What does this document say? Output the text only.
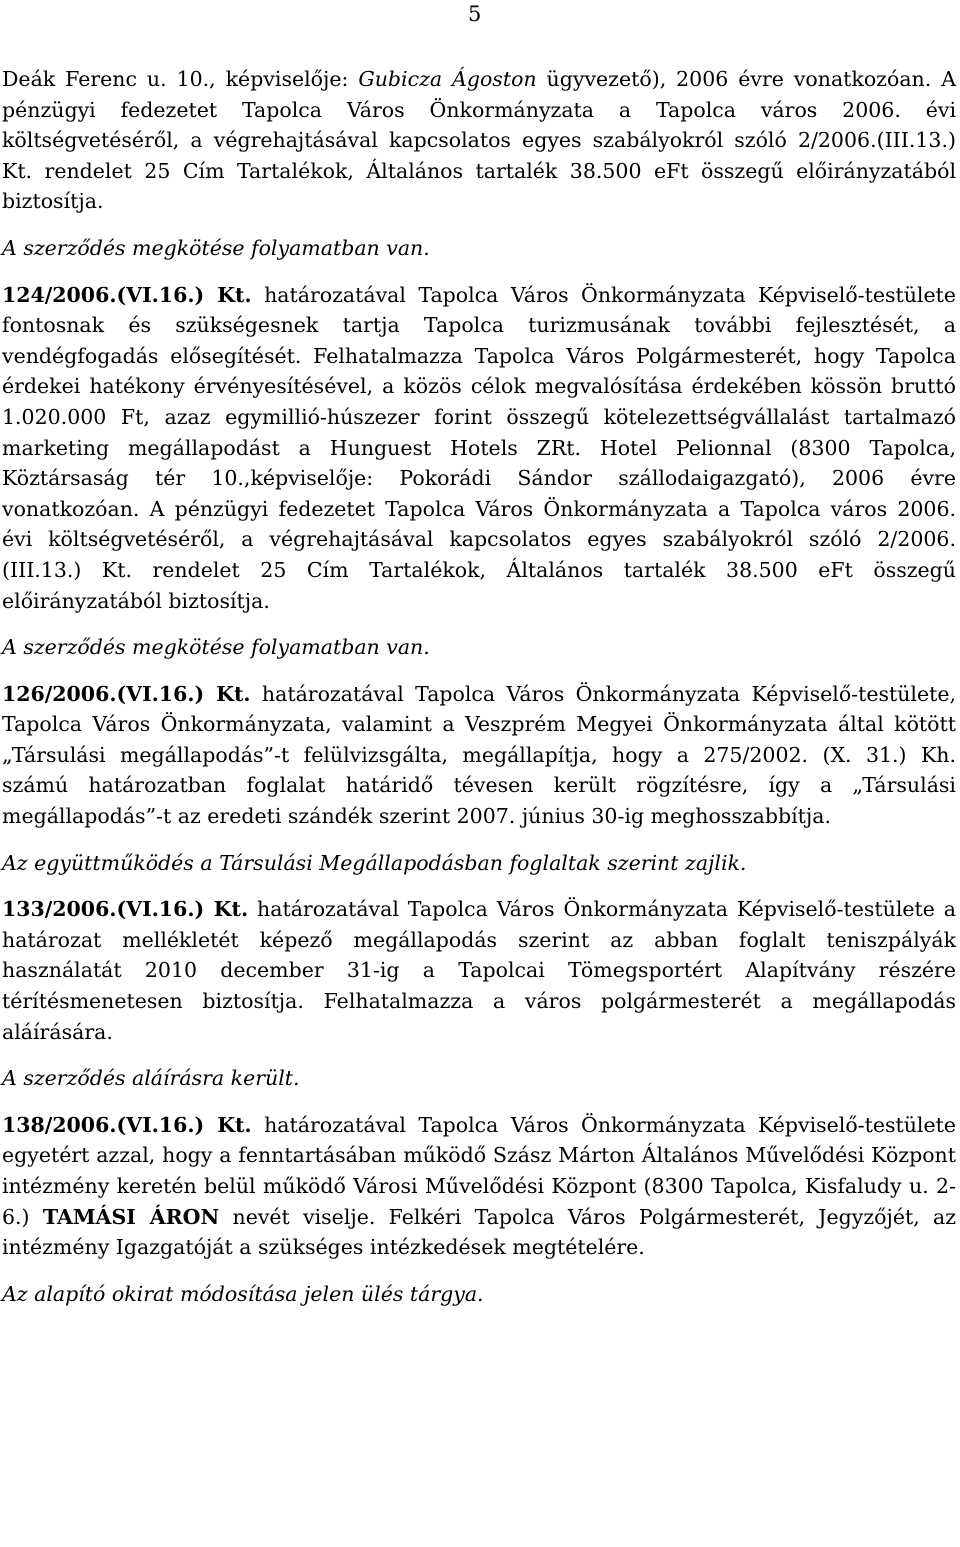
5

Deák Ferenc u. 10., képviselője: Gubicza Ágoston ügyvezető), 2006 évre vonatkozóan. A pénzügyi fedezetet Tapolca Város Önkormányzata a Tapolca város 2006. évi költségvetéséről, a végrehajtásával kapcsolatos egyes szabályokról szóló 2/2006.(III.13.) Kt. rendelet 25 Cím Tartalékok, Általános tartalék 38.500 eFt összegű előirányzatából biztosítja.

A szerződés megkötése folyamatban van.

124/2006.(VI.16.) Kt. határozatával Tapolca Város Önkormányzata Képviselő-testülete fontosnak és szükségesnek tartja Tapolca turizmusának további fejlesztését, a vendégfogadás elősegítését. Felhatalmazza Tapolca Város Polgármesterét, hogy Tapolca érdekei hatékony érvényesítésével, a közös célok megvalósítása érdekében kössön bruttó 1.020.000 Ft, azaz egymillió-húszezer forint összegű kötelezettségvállalást tartalmazó marketing megállapodást a Hunguest Hotels ZRt. Hotel Pelionnal (8300 Tapolca, Köztársaság tér 10.,képviselője: Pokorádi Sándor szállodaigazgató), 2006 évre vonatkozóan. A pénzügyi fedezetet Tapolca Város Önkormányzata a Tapolca város 2006. évi költségvetéséről, a végrehajtásával kapcsolatos egyes szabályokról szóló 2/2006.(III.13.) Kt. rendelet 25 Cím Tartalékok, Általános tartalék 38.500 eFt összegű előirányzatából biztosítja.

A szerződés megkötése folyamatban van.

126/2006.(VI.16.) Kt. határozatával Tapolca Város Önkormányzata Képviselő-testülete, Tapolca Város Önkormányzata, valamint a Veszprém Megyei Önkormányzata által kötött „Társulási megállapodás”-t felülvizsgálta, megállapítja, hogy a 275/2002. (X. 31.) Kh. számú határozatban foglalat határidő tévesen került rögzítésre, így a „Társulási megállapodás”-t az eredeti szándék szerint 2007. június 30-ig meghosszabbítja.

Az együttműködés a Társulási Megállapodásban foglaltak szerint zajlik.

133/2006.(VI.16.) Kt. határozatával Tapolca Város Önkormányzata Képviselő-testülete a határozat mellékletét képező megállapodás szerint az abban foglalt teniszpályák használatát 2010 december 31-ig a Tapolcai Tömegsportért Alapítvány részére térítésmenetesen biztosítja. Felhatalmazza a város polgármesterét a megállapodás aláírására.

A szerződés aláírásra került.

138/2006.(VI.16.) Kt. határozatával Tapolca Város Önkormányzata Képviselő-testülete egyetért azzal, hogy a fenntartásában működő Szász Márton Általános Művelődési Központ intézmény keretén belül működő Városi Művelődési Központ (8300 Tapolca, Kisfaludy u. 2-6.) TAMÁSI ÁRON nevét viselje. Felkéri Tapolca Város Polgármesterét, Jegyzőjét, az intézmény Igazgatóját a szükséges intézkedések megtételére.

Az alapító okirat módosítása jelen ülés tárgya.
